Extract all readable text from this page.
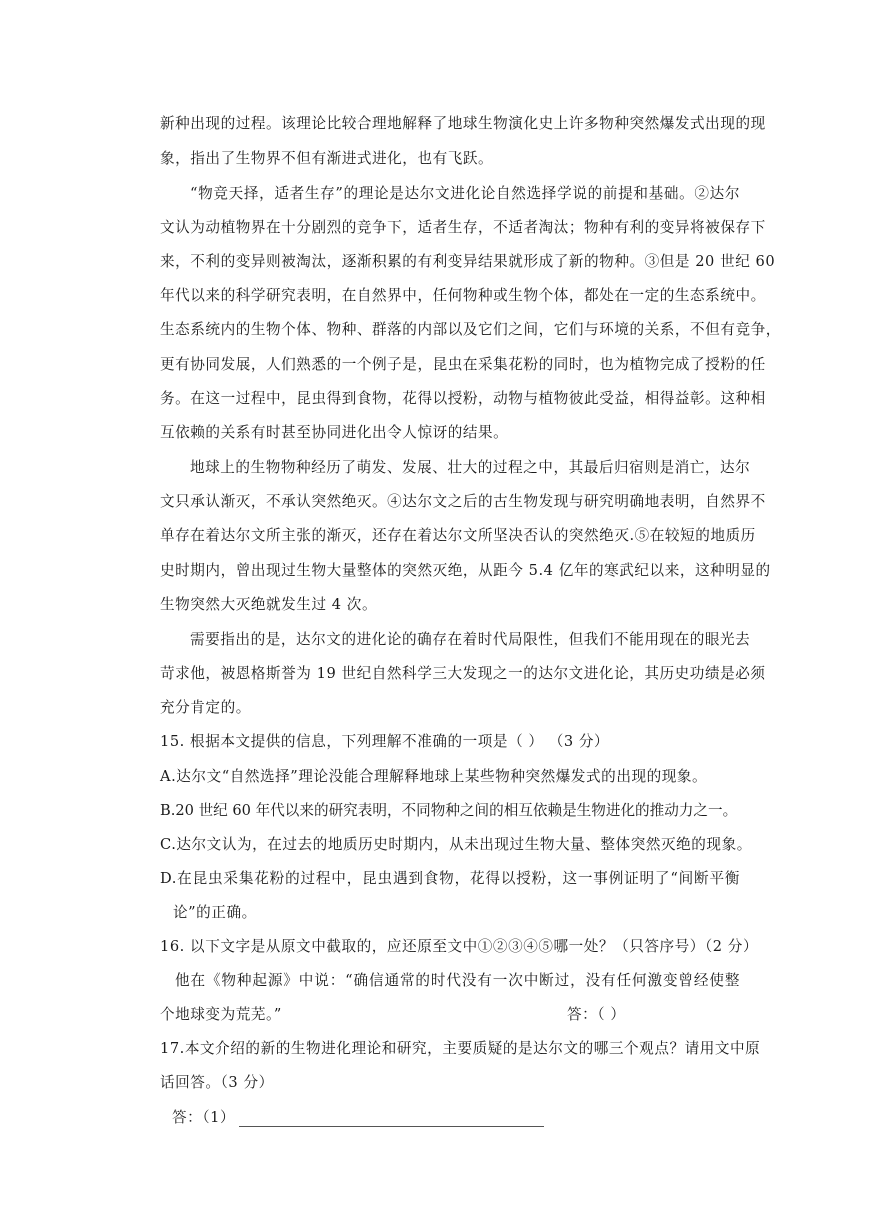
新种出现的过程。该理论比较合理地解释了地球生物演化史上许多物种突然爆发式出现的现
象，指出了生物界不但有渐进式进化，也有飞跃。
“物竞天择，适者生存”的理论是达尔文进化论自然选择学说的前提和基础。②达尔
文认为动植物界在十分剧烈的竞争下，适者生存，不适者淘汰；物种有利的变异将被保存下
来，不利的变异则被淘汰，逐渐积累的有利变异结果就形成了新的物种。③但是 20 世纪 60
年代以来的科学研究表明，在自然界中，任何物种或生物个体，都处在一定的生态系统中。
生态系统内的生物个体、物种、群落的内部以及它们之间，它们与环境的关系，不但有竞争，
更有协同发展，人们熟悉的一个例子是，昆虫在采集花粉的同时，也为植物完成了授粉的任
务。在这一过程中，昆虫得到食物，花得以授粉，动物与植物彼此受益，相得益彰。这种相
互依赖的关系有时甚至协同进化出令人惊讶的结果。
地球上的生物物种经历了萌发、发展、壮大的过程之中，其最后归宿则是消亡，达尔
文只承认渐灭，不承认突然绝灭。④达尔文之后的古生物发现与研究明确地表明，自然界不
单存在着达尔文所主张的渐灭，还存在着达尔文所坚决否认的突然绝灭.⑤在较短的地质历
史时期内，曾出现过生物大量整体的突然灭绝，从距今 5.4 亿年的寒武纪以来，这种明显的
生物突然大灭绝就发生过 4 次。
需要指出的是，达尔文的进化论的确存在着时代局限性，但我们不能用现在的眼光去
苛求他，被恩格斯誉为 19 世纪自然科学三大发现之一的达尔文进化论，其历史功绩是必须
充分肯定的。
15. 根据本文提供的信息，下列理解不准确的一项是（ ） （3 分）
A.达尔文“自然选择”理论没能合理解释地球上某些物种突然爆发式的出现的现象。
B.20 世纪 60 年代以来的研究表明，不同物种之间的相互依赖是生物进化的推动力之一。
C.达尔文认为，在过去的地质历史时期内，从未出现过生物大量、整体突然灭绝的现象。
D.在昆虫采集花粉的过程中，昆虫遇到食物，花得以授粉，这一事例证明了“间断平衡
论”的正确。
16. 以下文字是从原文中截取的，应还原至文中①②③④⑤哪一处？（只答序号）（2 分）
他在《物种起源》中说：“确信通常的时代没有一次中断过，没有任何激变曾经使整
个地球变为荒芜。”	答：（ ）
17.本文介绍的新的生物进化理论和研究，主要质疑的是达尔文的哪三个观点？请用文中原
话回答。（3 分）
答：（1）
